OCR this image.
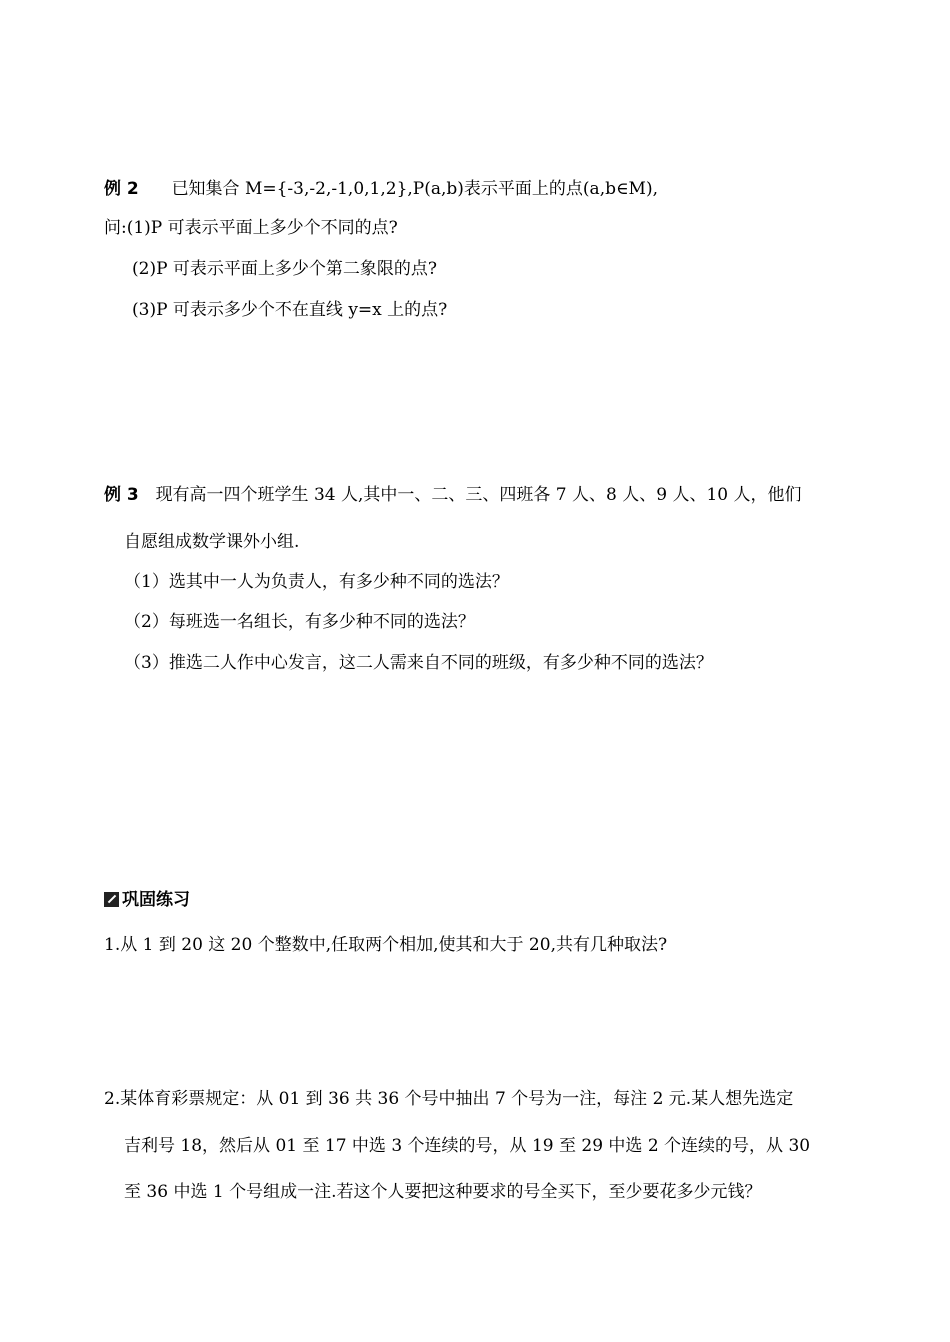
例 2 已知集合 M={-3,-2,-1,0,1,2},P(a,b)表示平面上的点(a,b∈M),
问:(1)P 可表示平面上多少个不同的点?
(2)P 可表示平面上多少个第二象限的点?
(3)P 可表示多少个不在直线 y=x 上的点?
例 3 现有高一四个班学生 34 人,其中一、二、三、四班各 7 人、8 人、9 人、10 人，他们
自愿组成数学课外小组.
（1）选其中一人为负责人，有多少种不同的选法？
（2）每班选一名组长，有多少种不同的选法？
（3）推选二人作中心发言，这二人需来自不同的班级，有多少种不同的选法？
巩固练习
1.从 1 到 20 这 20 个整数中,任取两个相加,使其和大于 20,共有几种取法?
2.某体育彩票规定：从 01 到 36 共 36 个号中抽出 7 个号为一注，每注 2 元.某人想先选定
吉利号 18，然后从 01 至 17 中选 3 个连续的号，从 19 至 29 中选 2 个连续的号，从 30
至 36 中选 1 个号组成一注.若这个人要把这种要求的号全买下，至少要花多少元钱？
